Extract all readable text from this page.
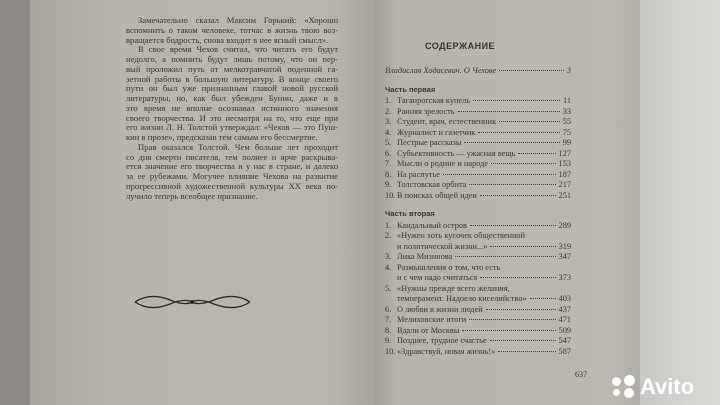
Замечательно сказал Максим Горький: «Хорошо
вспомнить о таком человеке, тотчас в жизнь твою воз-
вращается бодрость, снова входит в нее ясный смысл».
В свое время Чехов считал, что читать его будут
недолго, а помнить будут лишь потому, что он пер-
вый проложил путь от мелкотравчатой поденной га-
зетной работы в большую литературу. В конце своего
пути он был уже признанным главой новой русской
литературы, но, как был убежден Бунин, даже и в
это время не вполне осознавал истинного значения
своего творчества. И это несмотря на то, что еще при
его жизни Л. Н. Толстой утверждал: «Чехов — это Пуш-
кин в прозе», предсказав тем самым его бессмертие.
Прав оказался Толстой. Чем больше лет проходит
со дня смерти писателя, тем полнее и ярче раскрыва-
ется значение его творчества и у нас в стране, и далеко
за ее рубежами. Могучее влияние Чехова на развитие
прогрессивной художественной культуры XX века по-
лучило теперь всеобщее признание.
СОДЕРЖАНИЕ
Владислав Ходасевич. О Чехове	3
Часть первая
1. Таганрогская купель	11
2. Ранняя зрелость	33
3. Студент, врач, естественник	55
4. Журналист и газетчик	75
5. Пестрые рассказы	99
6. Субъективность — ужасная вещь	127
7. Мысли о родине и народе	153
8. На распутье	187
9. Толстовская орбита	217
10. В поисках общей идеи	251
Часть вторая
1. Кандальный остров	289
2. «Нужен хоть кусочек общественной
и политической жизни...»	319
3. Лика Мизинова	347
4. Размышления о том, что есть
и с чем надо считаться	373
5. «Нужны прежде всего желания,
темперамент. Надоело киселийство»	403
6. О любви в жизни людей	437
7. Мелиховские итоги	471
8. Вдали от Москвы	509
9. Позднее, трудное счастье	547
10. «Здравствуй, новая жизнь!»	587
637 Avito
